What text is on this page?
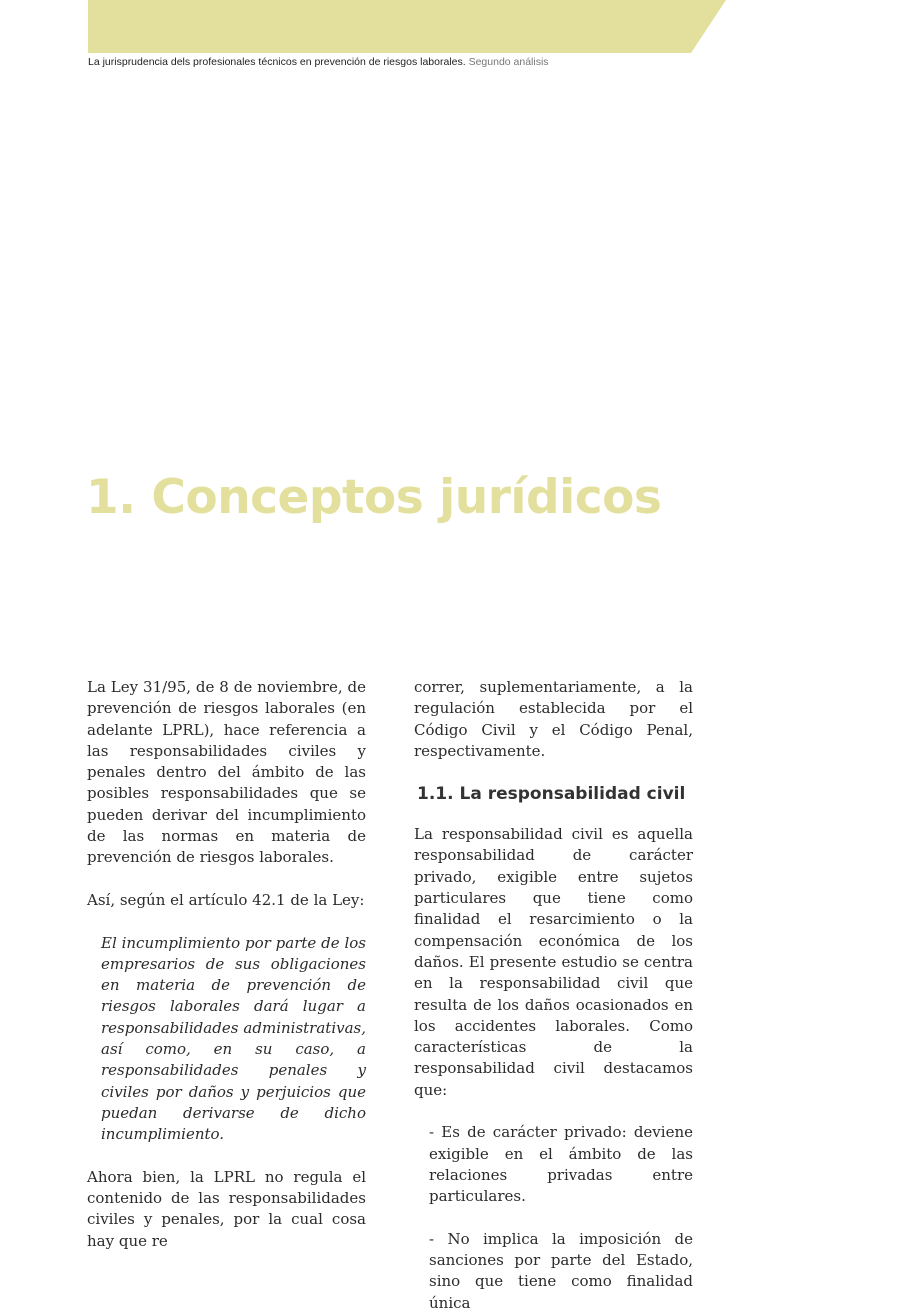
La jurisprudencia dels profesionales técnicos en prevención de riesgos laborales. Segundo análisis
1. Conceptos jurídicos

La Ley 31/95, de 8 de noviembre, de prevención de riesgos laborales (en adelante LPRL), hace referencia a las responsabilidades civiles y penales dentro del ámbito de las posibles responsabilidades que se pueden derivar del incumplimiento de las normas en materia de prevención de riesgos laborales.

Así, según el artículo 42.1 de la Ley:

El incumplimiento por parte de los empresarios de sus obligaciones en materia de prevención de riesgos laborales dará lugar a responsabilidades administrativas, así como, en su caso, a responsabilidades penales y civiles por daños y perjuicios que puedan derivarse de dicho incumplimiento.

Ahora bien, la LPRL no regula el contenido de las responsabilidades civiles y penales, por la cual cosa hay que re

correr, suplementariamente, a la regulación establecida por el Código Civil y el Código Penal, respectivamente.

1.1. La responsabilidad civil

La responsabilidad civil es aquella responsabilidad de carácter privado, exigible entre sujetos particulares que tiene como finalidad el resarcimiento o la compensación económica de los daños. El presente estudio se centra en la responsabilidad civil que resulta de los daños ocasionados en los accidentes laborales. Como características de la responsabilidad civil destacamos que:

- Es de carácter privado: deviene exigible en el ámbito de las relaciones privadas entre particulares.

- No implica la imposición de sanciones por parte del Estado, sino que tiene como finalidad única
